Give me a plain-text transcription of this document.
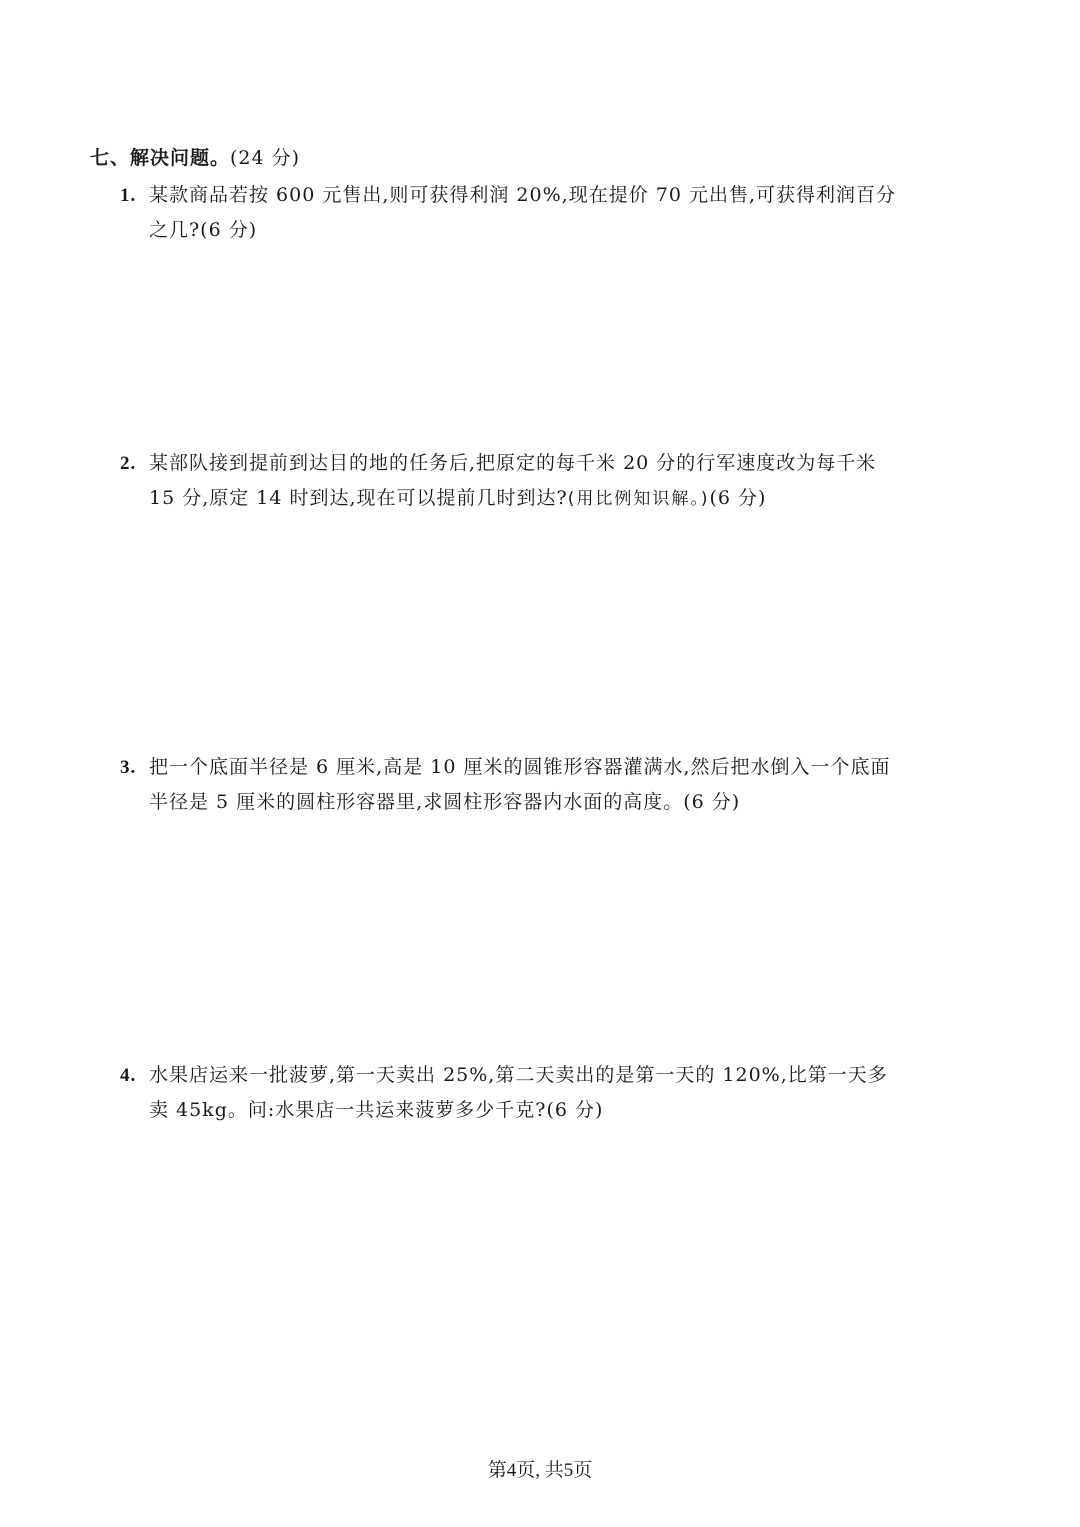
七、解决问题。(24 分)
1. 某款商品若按 600 元售出,则可获得利润 20%,现在提价 70 元出售,可获得利润百分
之几?(6 分)
2. 某部队接到提前到达目的地的任务后,把原定的每千米 20 分的行军速度改为每千米
15 分,原定 14 时到达,现在可以提前几时到达?(用比例知识解。)(6 分)
3. 把一个底面半径是 6 厘米,高是 10 厘米的圆锥形容器灌满水,然后把水倒入一个底面
半径是 5 厘米的圆柱形容器里,求圆柱形容器内水面的高度。(6 分)
4. 水果店运来一批菠萝,第一天卖出 25%,第二天卖出的是第一天的 120%,比第一天多
卖 45kg。问:水果店一共运来菠萝多少千克?(6 分)
第4页, 共5页
